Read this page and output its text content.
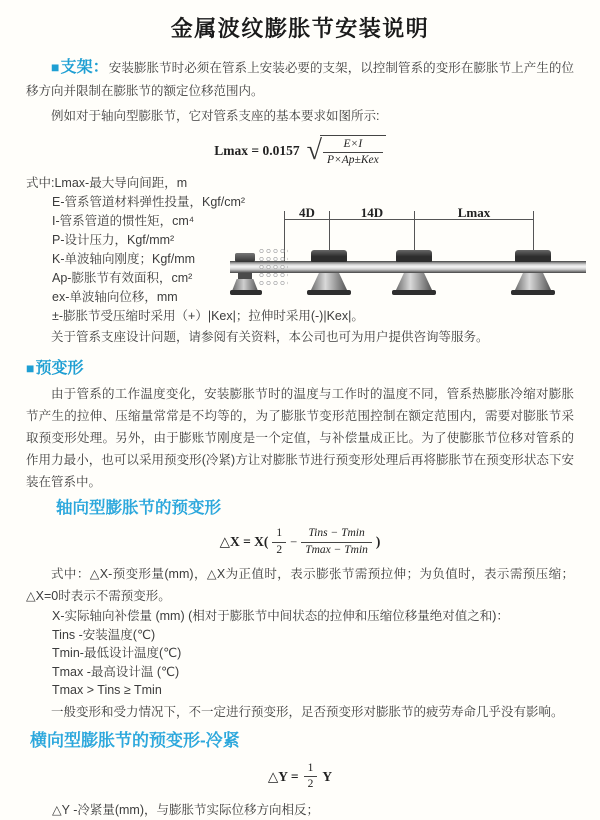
金属波纹膨胀节安装说明

■支架：安装膨胀节时必须在管系上安装必要的支架，以控制管系的变形在膨胀节上产生的位移方向并限制在膨胀节的额定位移范围内。

例如对于轴向型膨胀节，它对管系支座的基本要求如图所示:

Lmax = 0.0157 √ $\frac{E\times I}{\text{P×Ap±Kex}}$
式中:Lmax-最大导向间距，m
E-管系管道材料弹性投量，Kgf/cm²
I-管系管道的惯性矩，cm⁴
P-设计压力，Kgf/mm²
K-单波轴向刚度；Kgf/mm
Ap-膨胀节有效面积，cm²
ex-单波轴向位移，mm
±-膨胀节受压缩时采用（+）|Kex|；拉伸时采用(-)|Kex|。
关于管系支座设计问题，请参阅有关资料，本公司也可为用户提供咨询等服务。
4D	14D	Lmax
■预变形

由于管系的工作温度变化，安装膨胀节时的温度与工作时的温度不同，管系热膨胀冷缩对膨胀节产生的拉伸、压缩量常常是不均等的，为了膨胀节变形范围控制在额定范围内，需要对膨胀节采取预变形处理。另外，由于膨账节刚度是一个定值，与补偿量成正比。为了使膨胀节位移对管系的作用力最小，也可以采用预变形(冷紧)方让对膨胀节进行预变形处理后再将膨胀节在预变形状态下安装在管系中。

轴向型膨胀节的预变形
△X = $X( \frac{1}{2} - \frac{\text{Tins − Tmin}}{Tmax - Tmin}$ )

式中：△X-预变形量(mm)，△X为正值时，表示膨张节需预拉伸；为负值时，表示需预压缩；△X=0时表示不需预变形。

X-实际轴向补偿量 (mm) (相对于膨胀节中间状态的拉伸和压缩位移量绝对值之和)：
Tins -安装温度(℃)
Tmin-最低设计温度(℃)
Tmax -最高设计温 (℃)
Tmax > Tins ≥ Tmin

一般变形和受力情况下，不一定进行预变形，足否预变形对膨胀节的疲劳寿命几乎没有影响。

横向型膨胀节的预变形-冷紧
△Y = $\frac{1}{2}$ Y
△Y -冷紧量(mm)，与膨胀节实际位移方向相反；
